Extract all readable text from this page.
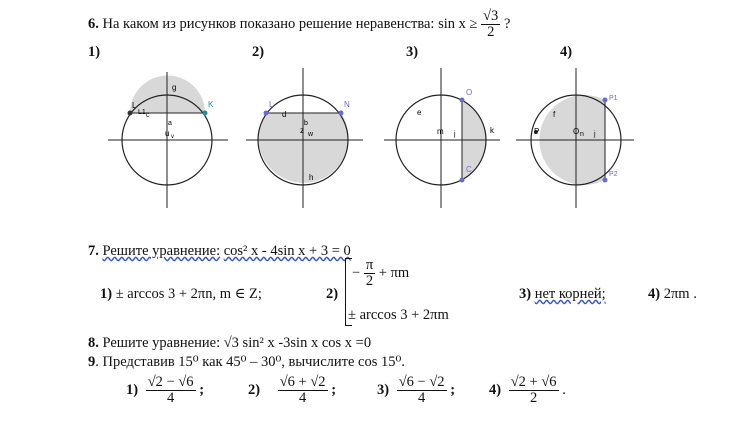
6. На каком из рисунков показано решение неравенства: $\sin x \ge \frac{√3}{2}$ ?
1)	2)	3)	4)
g
L
L1 c
K
a
u v
L
d
N
b
z w
h
O
e
m j	k
C
f
P1
P	O n j
P2
7. Решите уравнение: cos² x - 4sin x + 3 = 0
1) ± arccos 3 + 2πn, m ∈ Z;	2)
− $\frac{\pi}{2} + \pi m$
± arccos 3 + 2πm
3) нет корней;	4) 2πm .
8. Решите уравнение: √3 sin² x -3sin x cos x =0
9. Представив 15⁰ как 45⁰ – 30⁰, вычислите cos 15⁰.
$1) \frac{√2 - √6}{4}$ ;	$2) \frac{√6 + √2}{4}$ ;	$3) \frac{√6 - √2}{4}$ ; $4) \frac{√2 + √6}{2}$ .
